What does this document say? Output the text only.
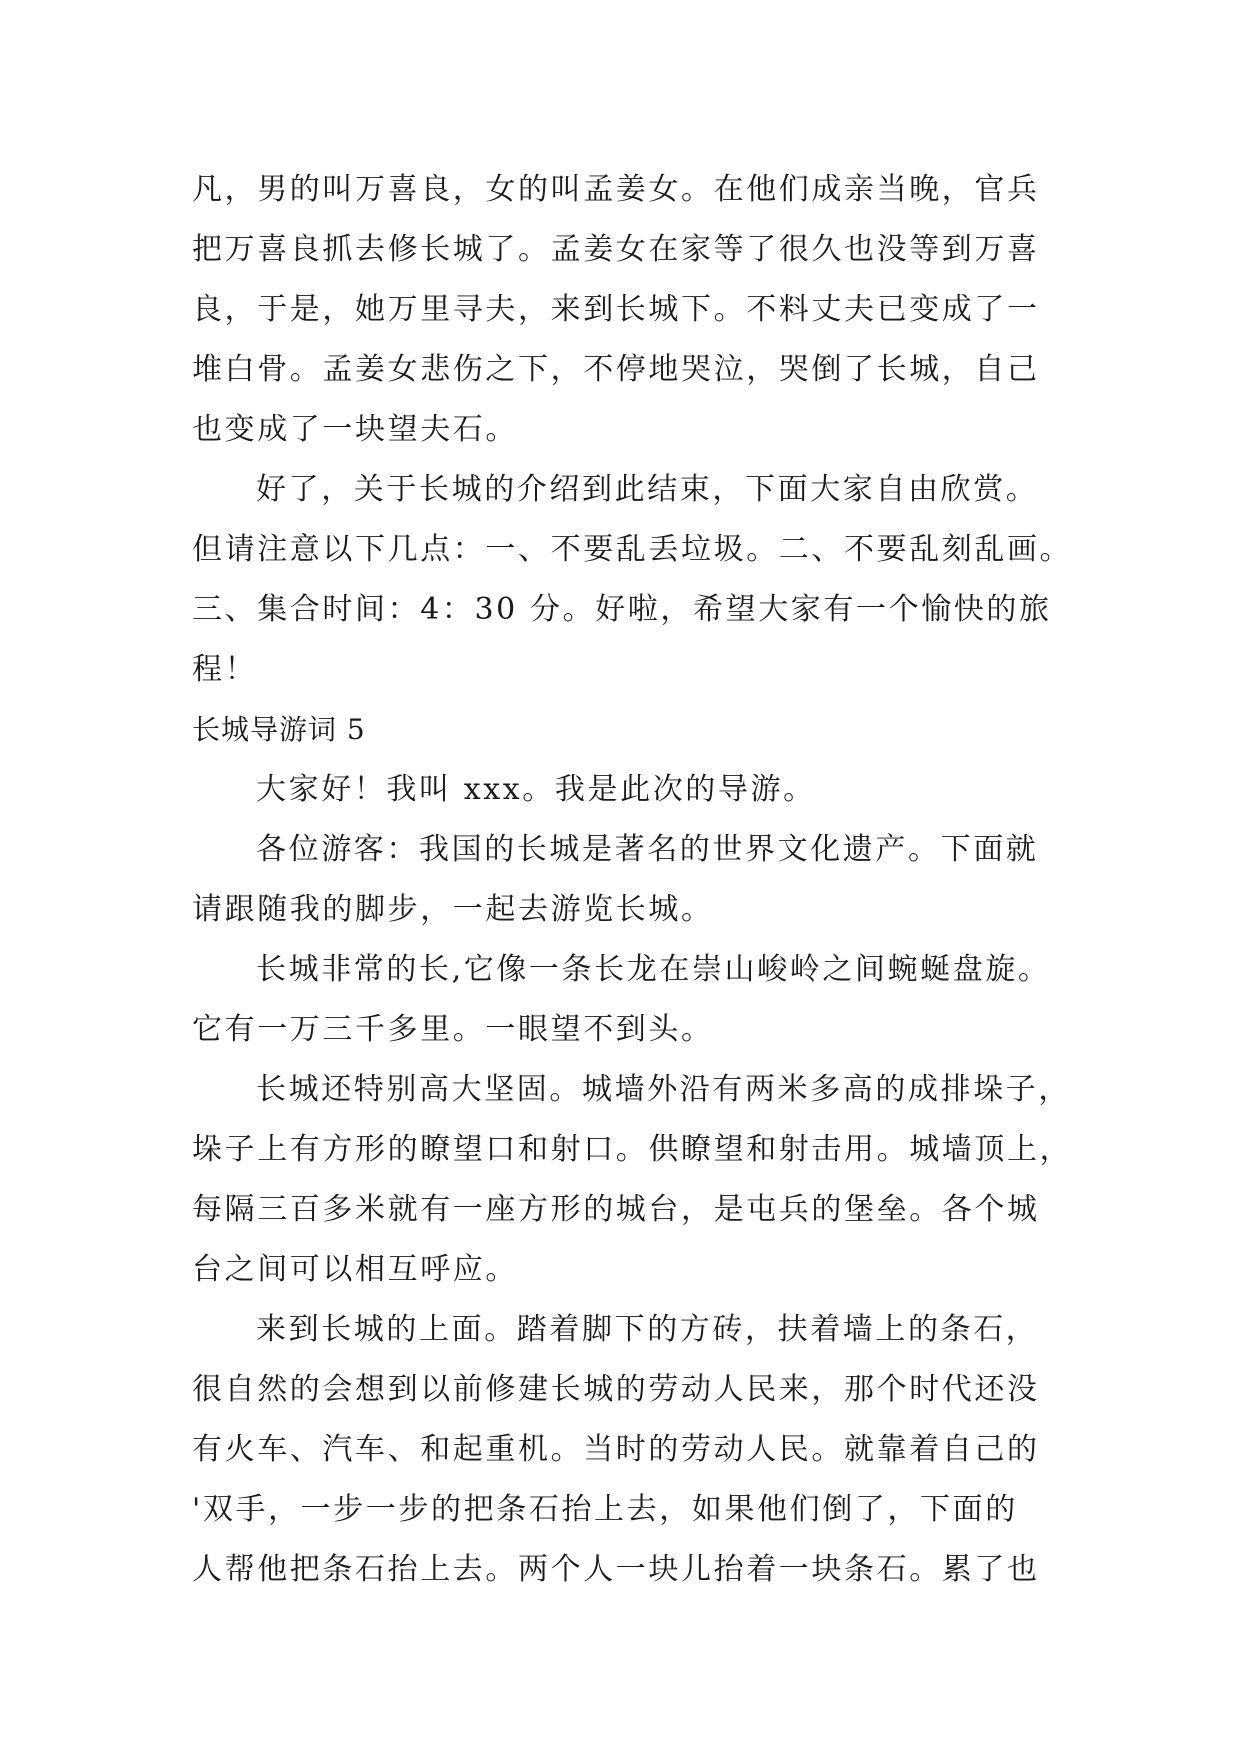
凡，男的叫万喜良，女的叫孟姜女。在他们成亲当晚，官兵
把万喜良抓去修长城了。孟姜女在家等了很久也没等到万喜
良，于是，她万里寻夫，来到长城下。不料丈夫已变成了一
堆白骨。孟姜女悲伤之下，不停地哭泣，哭倒了长城，自己
也变成了一块望夫石。
好了，关于长城的介绍到此结束，下面大家自由欣赏。
但请注意以下几点：一、不要乱丢垃圾。二、不要乱刻乱画。
三、集合时间：4：30 分。好啦，希望大家有一个愉快的旅
程！
长城导游词 5
大家好！我叫 xxx。我是此次的导游。
各位游客：我国的长城是著名的世界文化遗产。下面就
请跟随我的脚步，一起去游览长城。
长城非常的长,它像一条长龙在崇山峻岭之间蜿蜒盘旋。
它有一万三千多里。一眼望不到头。
长城还特别高大坚固。城墙外沿有两米多高的成排垛子，
垛子上有方形的瞭望口和射口。供瞭望和射击用。城墙顶上，
每隔三百多米就有一座方形的城台，是屯兵的堡垒。各个城
台之间可以相互呼应。
来到长城的上面。踏着脚下的方砖，扶着墙上的条石，
很自然的会想到以前修建长城的劳动人民来，那个时代还没
有火车、汽车、和起重机。当时的劳动人民。就靠着自己的
'双手，一步一步的把条石抬上去，如果他们倒了，下面的
人帮他把条石抬上去。两个人一块儿抬着一块条石。累了也
